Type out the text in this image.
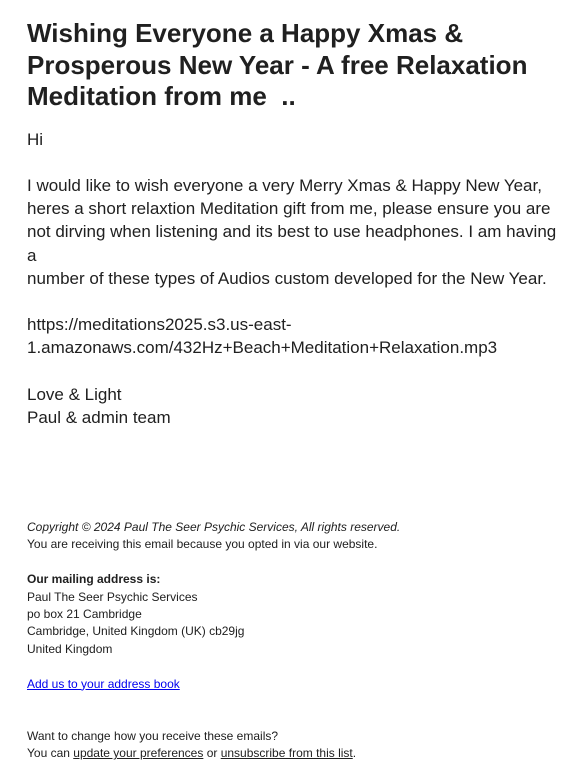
Wishing Everyone a Happy Xmas &
Prosperous New Year - A free Relaxation
Meditation from me  ..

Hi

I would like to wish everyone a very Merry Xmas & Happy New Year,
heres a short relaxtion Meditation gift from me, please ensure you are
not dirving when listening and its best to use headphones. I am having a
number of these types of Audios custom developed for the New Year.

https://meditations2025.s3.us-east-
1.amazonaws.com/432Hz+Beach+Meditation+Relaxation.mp3

Love & Light

Paul & admin team

Copyright © 2024 Paul The Seer Psychic Services, All rights reserved.

You are receiving this email because you opted in via our website.

Our mailing address is:

Paul The Seer Psychic Services

po box 21 Cambridge

Cambridge, United Kingdom (UK) cb29jg

United Kingdom

Add us to your address book

Want to change how you receive these emails?

You can update your preferences or unsubscribe from this list.
